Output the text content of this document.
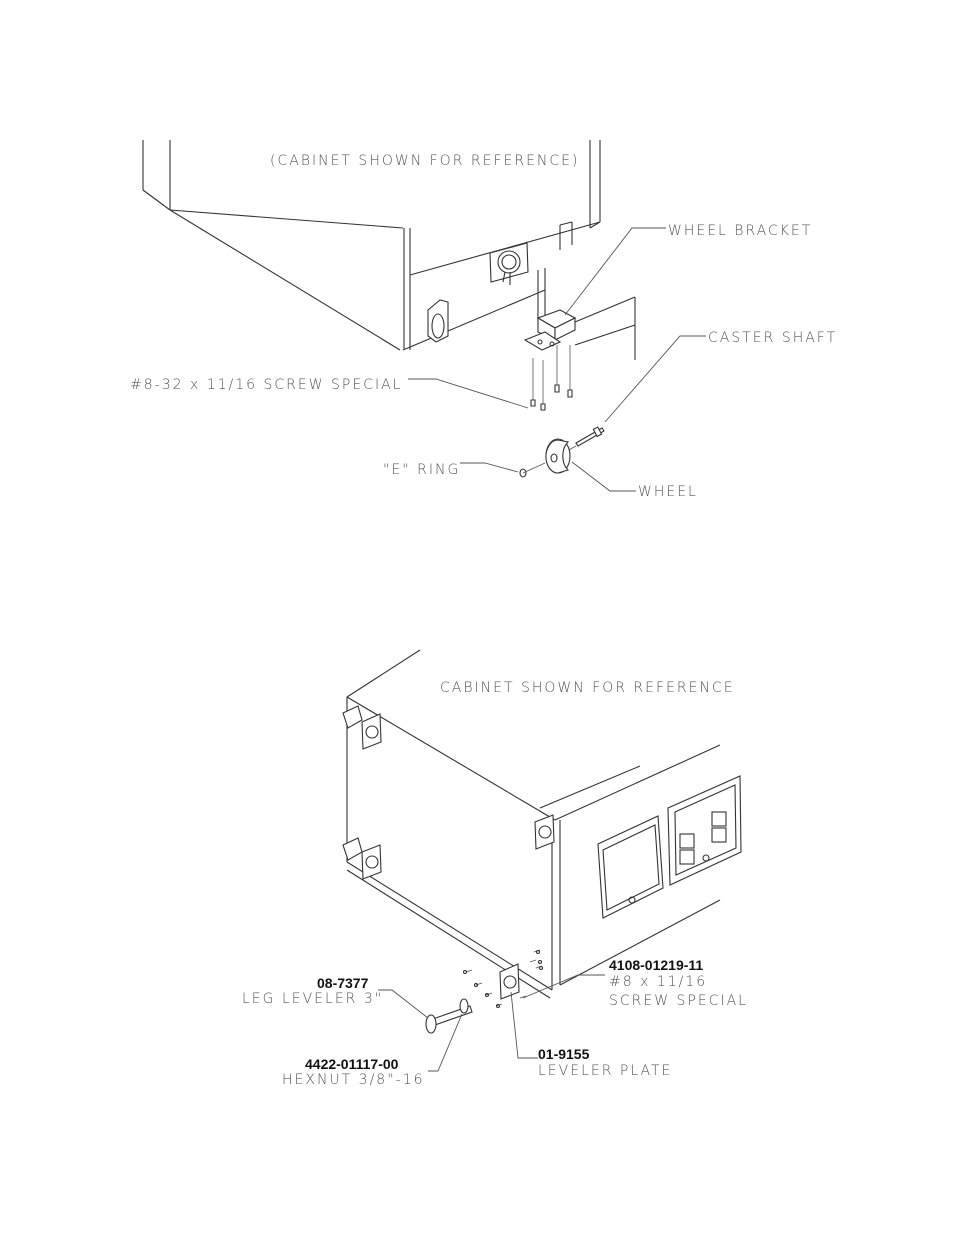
(CABINET SHOWN FOR REFERENCE)
WHEEL BRACKET
CASTER SHAFT
#8-32 x 11/16 SCREW SPECIAL
"E" RING
WHEEL
CABINET SHOWN FOR REFERENCE
08-7377
LEG LEVELER 3"
4422-01117-00
HEXNUT 3/8"-16
4108-01219-11
#8 x 11/16
SCREW SPECIAL
01-9155
LEVELER PLATE
